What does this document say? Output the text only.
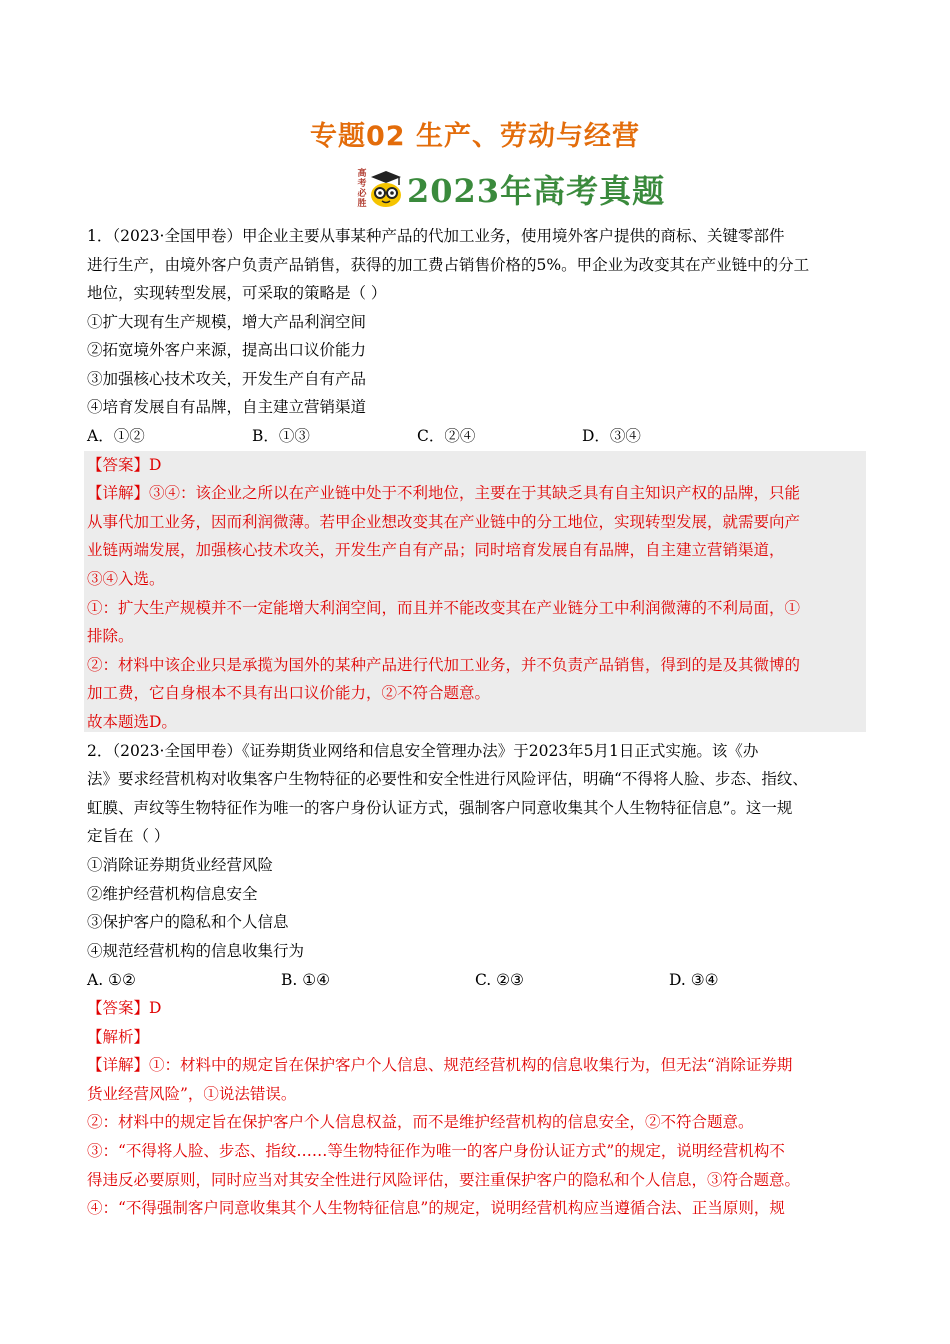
专题02 生产、劳动与经营
高考必胜 2023年高考真题
1．（2023·全国甲卷）甲企业主要从事某种产品的代加工业务，使用境外客户提供的商标、关键零部件
进行生产，由境外客户负责产品销售，获得的加工费占销售价格的5%。甲企业为改变其在产业链中的分工
地位，实现转型发展，可采取的策略是（ ）
①扩大现有生产规模，增大产品利润空间
②拓宽境外客户来源，提高出口议价能力
③加强核心技术攻关，开发生产自有产品
④培育发展自有品牌，自主建立营销渠道
A．①②	B．①③	C．②④	D．③④
【答案】D
【详解】③④：该企业之所以在产业链中处于不利地位，主要在于其缺乏具有自主知识产权的品牌，只能
从事代加工业务，因而利润微薄。若甲企业想改变其在产业链中的分工地位，实现转型发展，就需要向产
业链两端发展，加强核心技术攻关，开发生产自有产品；同时培育发展自有品牌，自主建立营销渠道，
③④入选。
①：扩大生产规模并不一定能增大利润空间，而且并不能改变其在产业链分工中利润微薄的不利局面，①
排除。
②：材料中该企业只是承揽为国外的某种产品进行代加工业务，并不负责产品销售，得到的是及其微博的
加工费，它自身根本不具有出口议价能力，②不符合题意。
故本题选D。
2．（2023·全国甲卷）《证券期货业网络和信息安全管理办法》于2023年5月1日正式实施。该《办
法》要求经营机构对收集客户生物特征的必要性和安全性进行风险评估，明确“不得将人脸、步态、指纹、
虹膜、声纹等生物特征作为唯一的客户身份认证方式，强制客户同意收集其个人生物特征信息”。这一规
定旨在（ ）
①消除证券期货业经营风险
②维护经营机构信息安全
③保护客户的隐私和个人信息
④规范经营机构的信息收集行为
A. ①②	B. ①④	C. ②③	D. ③④
【答案】D
【解析】
【详解】①：材料中的规定旨在保护客户个人信息、规范经营机构的信息收集行为，但无法“消除证券期
货业经营风险”，①说法错误。
②：材料中的规定旨在保护客户个人信息权益，而不是维护经营机构的信息安全，②不符合题意。
③：“不得将人脸、步态、指纹……等生物特征作为唯一的客户身份认证方式”的规定，说明经营机构不
得违反必要原则，同时应当对其安全性进行风险评估，要注重保护客户的隐私和个人信息，③符合题意。
④：“不得强制客户同意收集其个人生物特征信息”的规定，说明经营机构应当遵循合法、正当原则，规
